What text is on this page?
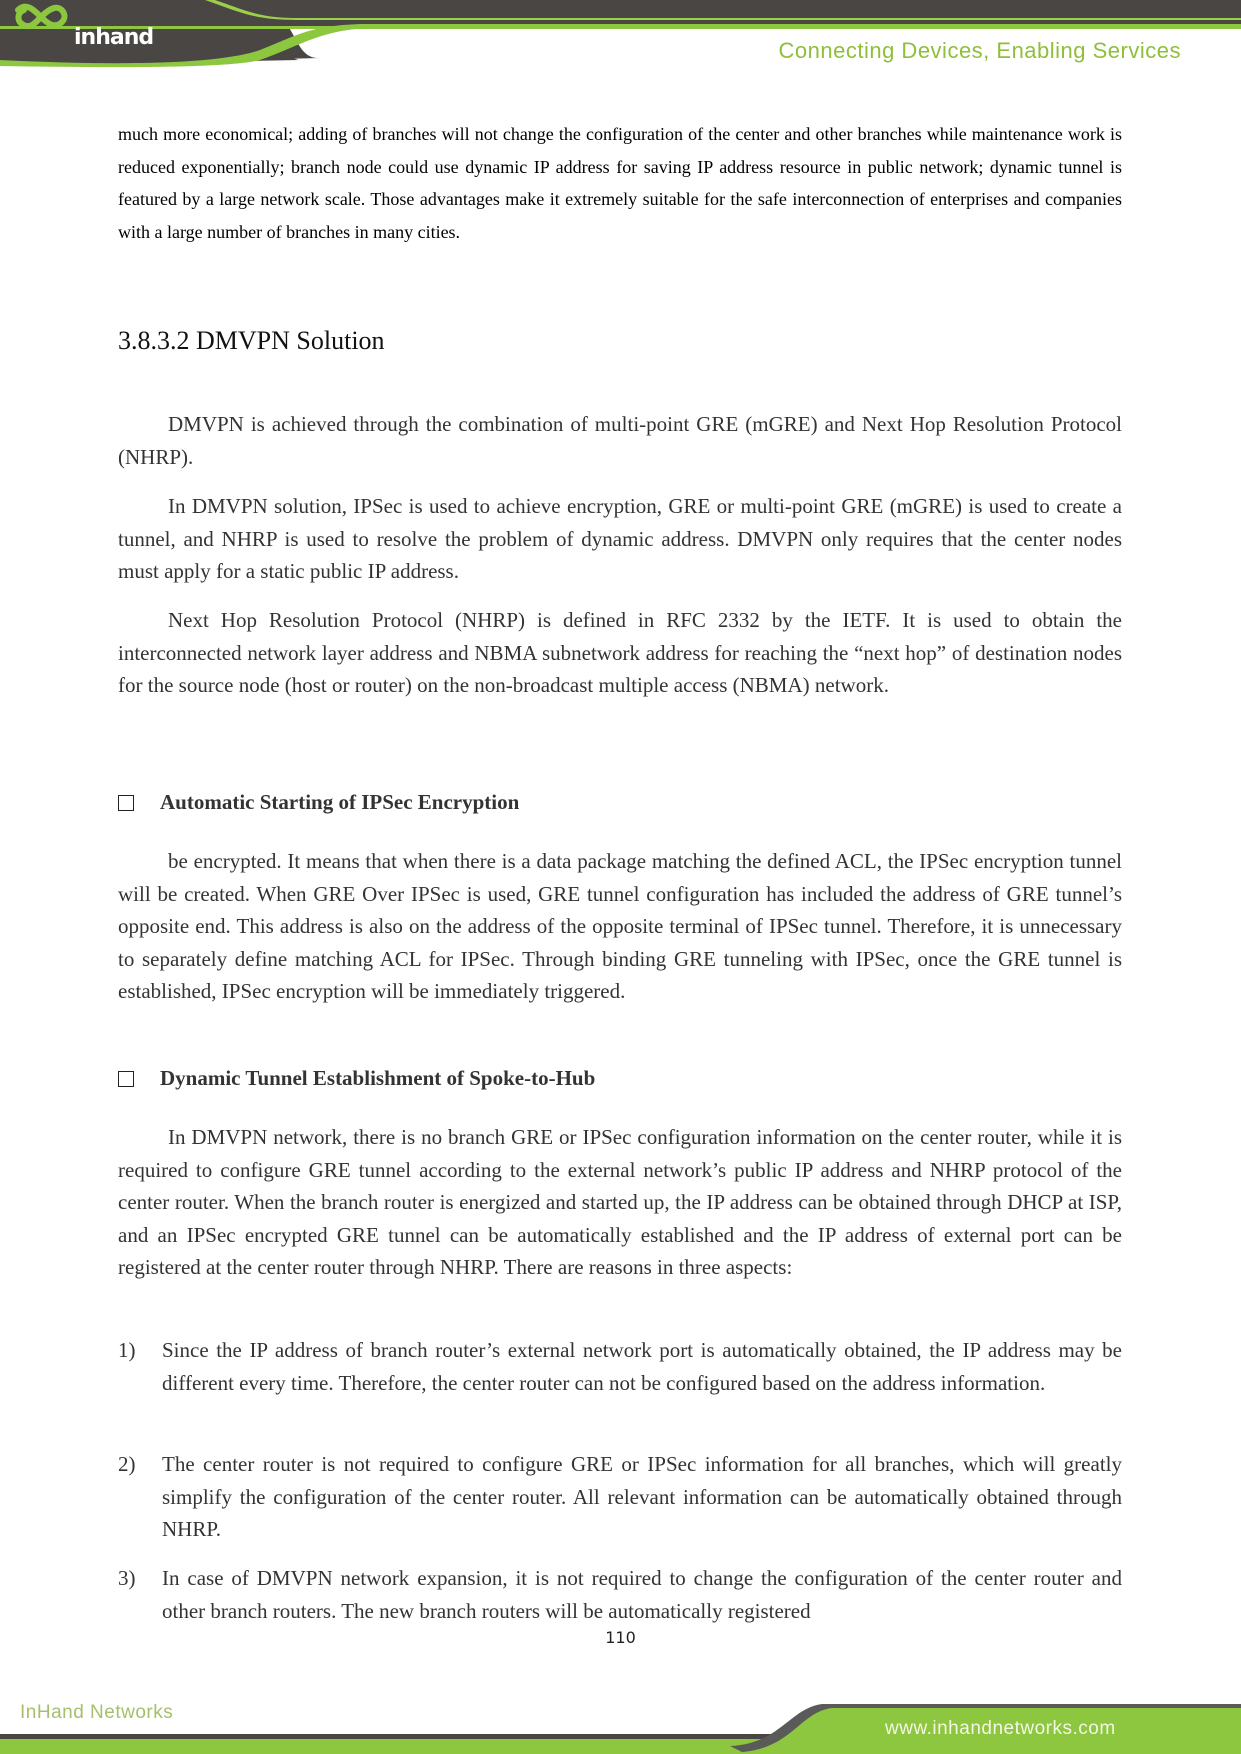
inhand
Connecting Devices, Enabling Services

much more economical; adding of branches will not change the configuration of the center and other branches while maintenance work is reduced exponentially; branch node could use dynamic IP address for saving IP address resource in public network; dynamic tunnel is featured by a large network scale. Those advantages make it extremely suitable for the safe interconnection of enterprises and companies with a large number of branches in many cities.

3.8.3.2 DMVPN Solution

DMVPN is achieved through the combination of multi-point GRE (mGRE) and Next Hop Resolution Protocol (NHRP).

In DMVPN solution, IPSec is used to achieve encryption, GRE or multi-point GRE (mGRE) is used to create a tunnel, and NHRP is used to resolve the problem of dynamic address. DMVPN only requires that the center nodes must apply for a static public IP address.

Next Hop Resolution Protocol (NHRP) is defined in RFC 2332 by the IETF. It is used to obtain the interconnected network layer address and NBMA subnetwork address for reaching the “next hop” of destination nodes for the source node (host or router) on the non-broadcast multiple access (NBMA) network.

Automatic Starting of IPSec Encryption

be encrypted. It means that when there is a data package matching the defined ACL, the IPSec encryption tunnel will be created. When GRE Over IPSec is used, GRE tunnel configuration has included the address of GRE tunnel’s opposite end. This address is also on the address of the opposite terminal of IPSec tunnel. Therefore, it is unnecessary to separately define matching ACL for IPSec. Through binding GRE tunneling with IPSec, once the GRE tunnel is established, IPSec encryption will be immediately triggered.

Dynamic Tunnel Establishment of Spoke-to-Hub

In DMVPN network, there is no branch GRE or IPSec configuration information on the center router, while it is required to configure GRE tunnel according to the external network’s public IP address and NHRP protocol of the center router. When the branch router is energized and started up, the IP address can be obtained through DHCP at ISP, and an IPSec encrypted GRE tunnel can be automatically established and the IP address of external port can be registered at the center router through NHRP. There are reasons in three aspects:

1)	Since the IP address of branch router’s external network port is automatically obtained, the IP address may be different every time. Therefore, the center router can not be configured based on the address information.
2)	The center router is not required to configure GRE or IPSec information for all branches, which will greatly simplify the configuration of the center router. All relevant information can be automatically obtained through NHRP.
3)	In case of DMVPN network expansion, it is not required to change the configuration of the center router and other branch routers. The new branch routers will be automatically registered
110
InHand Networks
www.inhandnetworks.com
